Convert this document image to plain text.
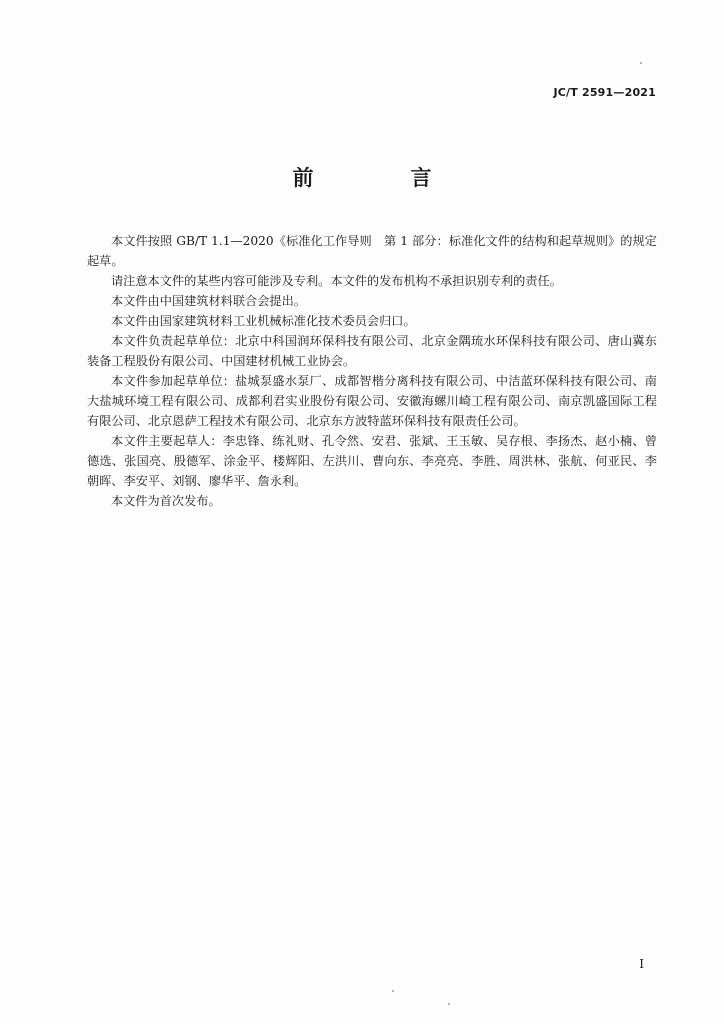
JC/T 2591—2021
前　言

本文件按照 GB/T 1.1—2020《标准化工作导则　第 1 部分：标准化文件的结构和起草规则》的规定起草。

请注意本文件的某些内容可能涉及专利。本文件的发布机构不承担识别专利的责任。

本文件由中国建筑材料联合会提出。

本文件由国家建筑材料工业机械标准化技术委员会归口。

本文件负责起草单位：北京中科国润环保科技有限公司、北京金隅琉水环保科技有限公司、唐山冀东装备工程股份有限公司、中国建材机械工业协会。

本文件参加起草单位：盐城泵盛水泵厂、成都智楷分离科技有限公司、中洁蓝环保科技有限公司、南大盐城环境工程有限公司、成都利君实业股份有限公司、安徽海螺川崎工程有限公司、南京凯盛国际工程有限公司、北京恩萨工程技术有限公司、北京东方波特蓝环保科技有限责任公司。

本文件主要起草人：李忠锋、练礼财、孔令然、安君、张斌、王玉敏、吴存根、李扬杰、赵小楠、曾德选、张国亮、殷德军、涂金平、楼辉阳、左洪川、曹向东、李亮亮、李胜、周洪林、张航、何亚民、李朝晖、李安平、刘钢、廖华平、詹永利。

本文件为首次发布。

I
